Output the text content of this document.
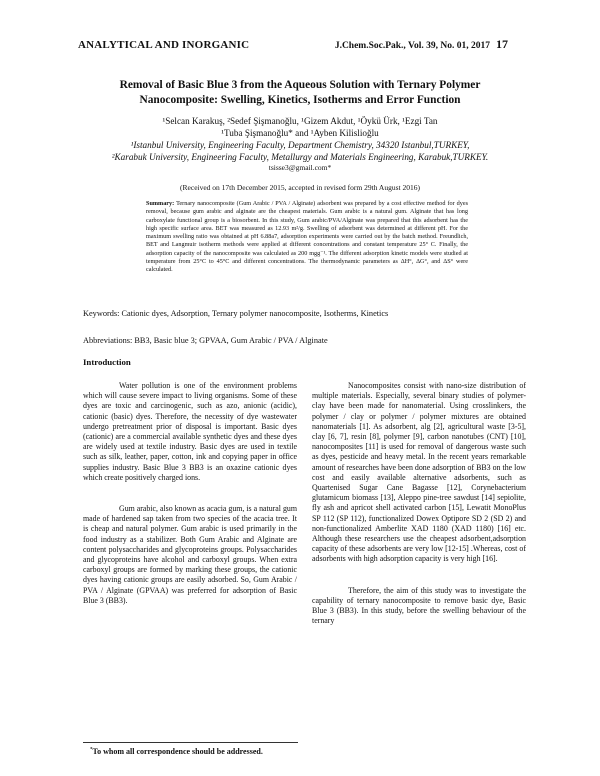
ANALYTICAL AND INORGANIC	J.Chem.Soc.Pak., Vol. 39, No. 01, 2017 17
Removal of Basic Blue 3 from the Aqueous Solution with Ternary Polymer
Nanocomposite: Swelling, Kinetics, Isotherms and Error Function
¹Selcan Karakuş, ²Sedef Şişmanoğlu, ¹Gizem Akdut, ¹Öykü Ürk, ¹Ezgi Tan
¹Tuba Şişmanoğlu* and ¹Ayben Kilislioğlu
¹Istanbul University, Engineering Faculty, Department Chemistry, 34320 Istanbul,TURKEY,
²Karabuk University, Engineering Faculty, Metallurgy and Materials Engineering, Karabuk,TURKEY.
tsisse3@gmail.com*
(Received on 17th December 2015, accepted in revised form 29th August 2016)
Summary: Ternary nanocomposite (Gum Arabic / PVA / Alginate) adsorbent was prepared by a cost effective method for dyes removal, because gum arabic and alginate are the cheapest materials. Gum arabic is a natural gum. Alginate that has long carboxylate functional group is a biosorbent. In this study, Gum arabic/PVA/Alginate was prepared that this adsorbent has the high specific surface area. BET was measured as 12.93 m²/g. Swelling of adsorbent was determined at different pH. For the maximum swelling ratio was obtained at pH 6.88a7, adsorption experiments were carried out by the batch method. Freundlich, BET and Langmuir isotherm methods were applied at different concentrations and constant temperature 25° C. Finally, the adsorption capacity of the nanocomposite was calculated as 200 mgg⁻¹. The different adsorption kinetic models were studied at temperature from 25°C to 45°C and different concentrations. The thermodynamic parameters as ΔH°, ΔG°, and ΔS° were calculated.
Keywords: Cationic dyes, Adsorption, Ternary polymer nanocomposite, Isotherms, Kinetics
Abbreviations: BB3, Basic blue 3; GPVAA, Gum Arabic / PVA / Alginate
Introduction

Water pollution is one of the environment problems which will cause severe impact to living organisms. Some of these dyes are toxic and carcinogenic, such as azo, anionic (acidic), cationic (basic) dyes. Therefore, the necessity of dye wastewater undergo pretreatment prior of disposal is important. Basic dyes (cationic) are a commercial available synthetic dyes and these dyes are widely used at textile industry. Basic dyes are used in textile such as silk, leather, paper, cotton, ink and copying paper in office supplies industry. Basic Blue 3 BB3 is an oxazine cationic dyes which create positively charged ions.

Gum arabic, also known as acacia gum, is a natural gum made of hardened sap taken from two species of the acacia tree. It is cheap and natural polymer. Gum arabic is used primarily in the food industry as a stabilizer. Both Gum Arabic and Alginate are content polysaccharides and glycoproteins groups. Polysaccharides and glycoproteins have alcohol and carboxyl groups. When extra carboxyl groups are formed by marking these groups, the cationic dyes having cationic groups are easily adsorbed. So, Gum Arabic / PVA / Alginate (GPVAA) was preferred for adsorption of Basic Blue 3 (BB3).

Nanocomposites consist with nano-size distribution of multiple materials. Especially, several binary studies of polymer-clay have been made for nanomaterial. Using crosslinkers, the polymer / clay or polymer / polymer mixtures are obtained nanomaterials [1]. As adsorbent, alg [2], agricultural waste [3-5], clay [6, 7], resin [8], polymer [9], carbon nanotubes (CNT) [10], nanocomposites [11] is used for removal of dangerous waste such as dyes, pesticide and heavy metal. In the recent years remarkable amount of researches have been done adsorption of BB3 on the low cost and easily available alternative adsorbents, such as Quartenised Sugar Cane Bagasse [12], Corynebacterium glutamicum biomass [13], Aleppo pine-tree sawdust [14] sepiolite, fly ash and apricot shell activated carbon [15], Lewatit MonoPlus SP 112 (SP 112), functionalized Dowex Optipore SD 2 (SD 2) and non-functionalized Amberlite XAD 1180 (XAD 1180) [16] etc. Although these researchers use the cheapest adsorbent,adsorption capacity of these adsorbents are very low [12-15] .Whereas, cost of adsorbents with high adsorption capacity is very high [16].

Therefore, the aim of this study was to investigate the capability of ternary nanocomposite to remove basic dye, Basic Blue 3 (BB3). In this study, before the swelling behaviour of the ternary

*To whom all correspondence should be addressed.
